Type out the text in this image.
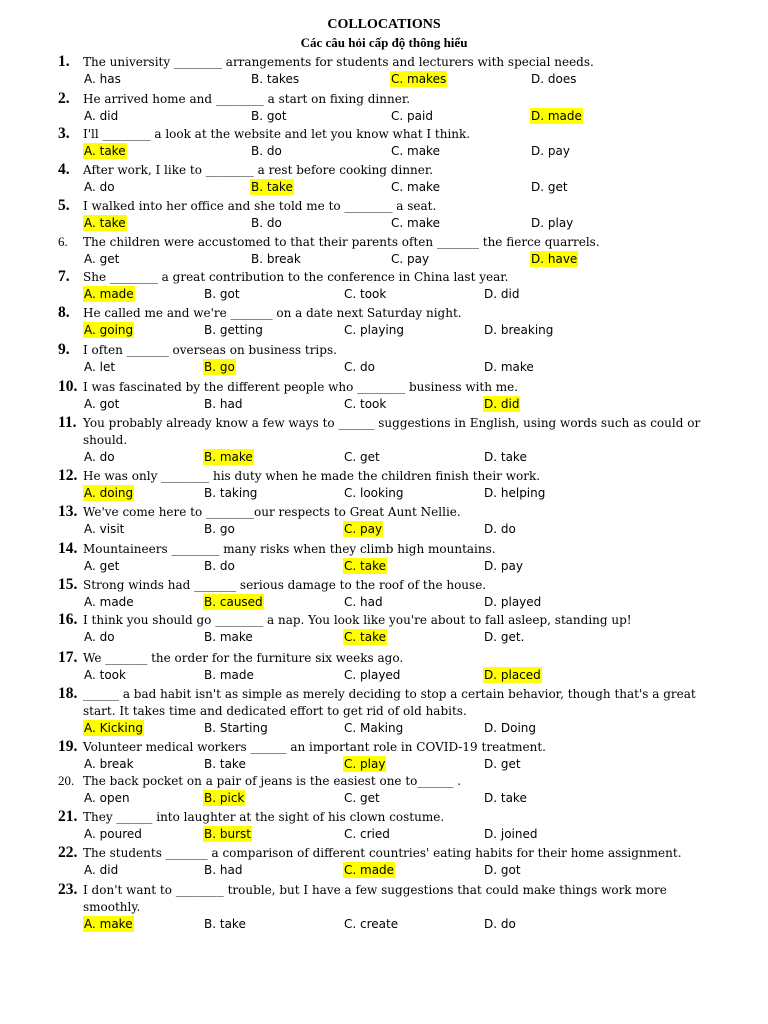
COLLOCATIONS
Các câu hỏi cấp độ thông hiểu
1. The university ________ arrangements for students and lecturers with special needs.
A. has	B. takes	C. makes	D. does
2. He arrived home and ________ a start on fixing dinner.
A. did	B. got	C. paid	D. made
3. I'll ________ a look at the website and let you know what I think.
A. take	B. do	C. make	D. pay
4. After work, I like to ________ a rest before cooking dinner.
A. do	B. take	C. make	D. get
5. I walked into her office and she told me to ________ a seat.
A. take	B. do	C. make	D. play
6. The children were accustomed to that their parents often _______ the fierce quarrels.
A. get	B. break	C. pay	D. have
7. She ________ a great contribution to the conference in China last year.
A. made	B. got	C. took	D. did
8. He called me and we're _______ on a date next Saturday night.
A. going	B. getting	C. playing	D. breaking
9. I often _______ overseas on business trips.
A. let	B. go	C. do	D. make
10. I was fascinated by the different people who ________ business with me.
A. got	B. had	C. took	D. did
11. You probably already know a few ways to ______ suggestions in English, using words such as could or should.
A. do	B. make	C. get	D. take
12. He was only ________ his duty when he made the children finish their work.
A. doing	B. taking	C. looking	D. helping
13. We've come here to ________our respects to Great Aunt Nellie.
A. visit	B. go	C. pay	D. do
14. Mountaineers ________ many risks when they climb high mountains.
A. get	B. do	C. take	D. pay
15. Strong winds had _______ serious damage to the roof of the house.
A. made	B. caused	C. had	D. played
16. I think you should go ________ a nap. You look like you're about to fall asleep, standing up!
A. do	B. make	C. take	D. get.
17. We _______ the order for the furniture six weeks ago.
A. took	B. made	C. played	D. placed
18. ______ a bad habit isn't as simple as merely deciding to stop a certain behavior, though that's a great start. It takes time and dedicated effort to get rid of old habits.
A. Kicking	B. Starting	C. Making	D. Doing
19. Volunteer medical workers ______ an important role in COVID-19 treatment.
A. break	B. take	C. play	D. get
20. The back pocket on a pair of jeans is the easiest one to______ .
A. open	B. pick	C. get	D. take
21. They ______ into laughter at the sight of his clown costume.
A. poured	B. burst	C. cried	D. joined
22. The students _______ a comparison of different countries' eating habits for their home assignment.
A. did	B. had	C. made	D. got
23. I don't want to ________ trouble, but I have a few suggestions that could make things work more smoothly.
A. make	B. take	C. create	D. do
